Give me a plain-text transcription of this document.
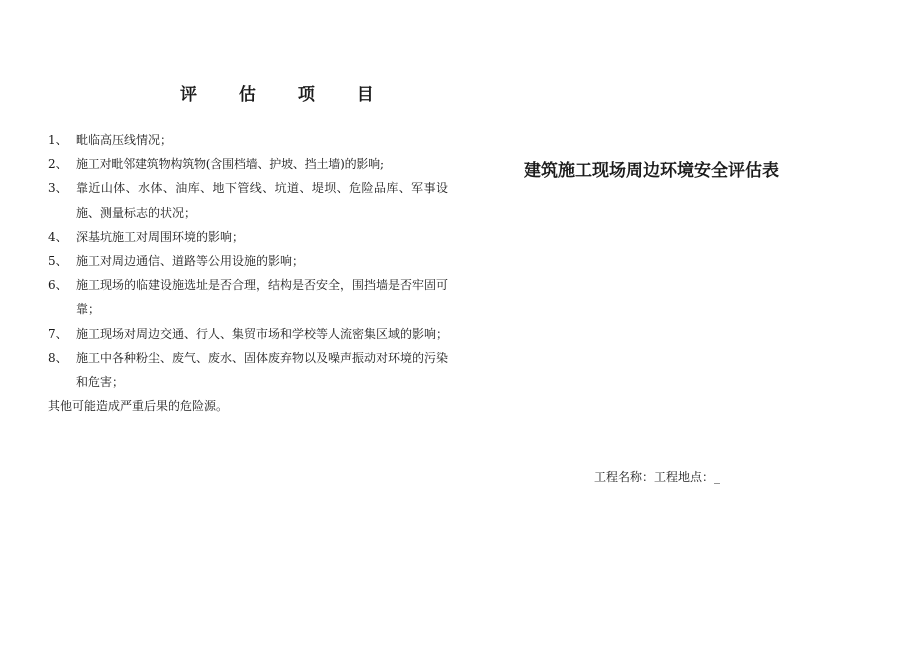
评 估 项 目
1、 毗临高压线情况；
2、 施工对毗邻建筑物构筑物(含围档墙、护坡、挡土墙)的影响;
3、 靠近山体、水体、油库、地下管线、坑道、堤坝、危险品库、军事设施、测量标志的状况；
4、 深基坑施工对周围环境的影响；
5、 施工对周边通信、道路等公用设施的影响；
6、 施工现场的临建设施选址是否合理，结构是否安全，围挡墙是否牢固可靠；
7、 施工现场对周边交通、行人、集贸市场和学校等人流密集区域的影响；
8、 施工中各种粉尘、废气、废水、固体废弃物以及噪声振动对环境的污染和危害；
其他可能造成严重后果的危险源。
建筑施工现场周边环境安全评估表
工程名称：工程地点：_
